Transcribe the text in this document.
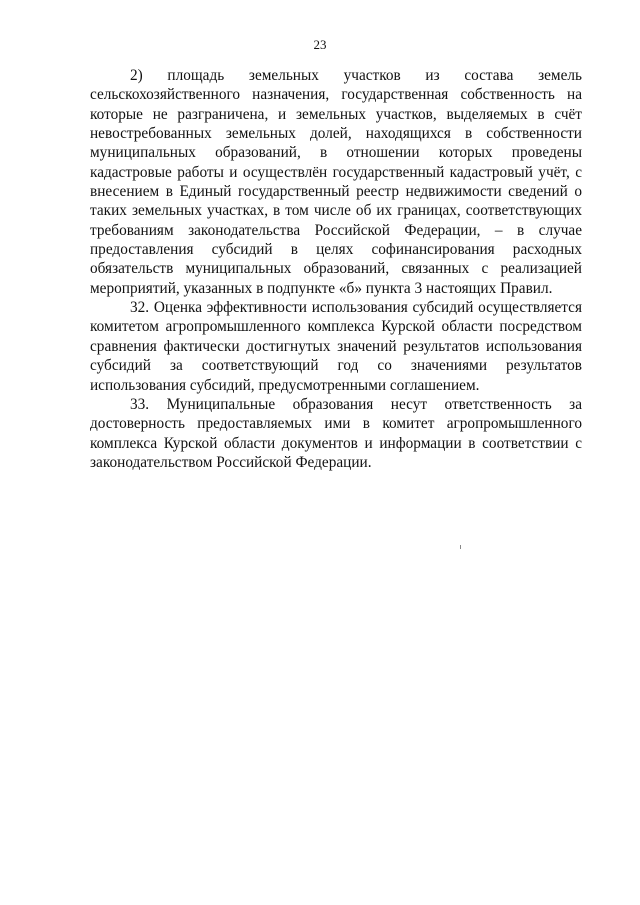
23

2) площадь земельных участков из состава земель

сельскохозяйственного назначения, государственная собственность на

которые не разграничена, и земельных участков, выделяемых в счёт

невостребованных земельных долей, находящихся в собственности

муниципальных образований, в отношении которых проведены

кадастровые работы и осуществлён государственный кадастровый учёт, с

внесением в Единый государственный реестр недвижимости сведений о

таких земельных участках, в том числе об их границах, соответствующих

требованиям законодательства Российской Федерации, – в случае

предоставления субсидий в целях софинансирования расходных

обязательств муниципальных образований, связанных с реализацией

мероприятий, указанных в подпункте «б» пункта 3 настоящих Правил.

32. Оценка эффективности использования субсидий осуществляется

комитетом агропромышленного комплекса Курской области посредством

сравнения фактически достигнутых значений результатов использования

субсидий за соответствующий год со значениями результатов

использования субсидий, предусмотренными соглашением.

33. Муниципальные образования несут ответственность за

достоверность предоставляемых ими в комитет агропромышленного

комплекса Курской области документов и информации в соответствии с

законодательством Российской Федерации.
